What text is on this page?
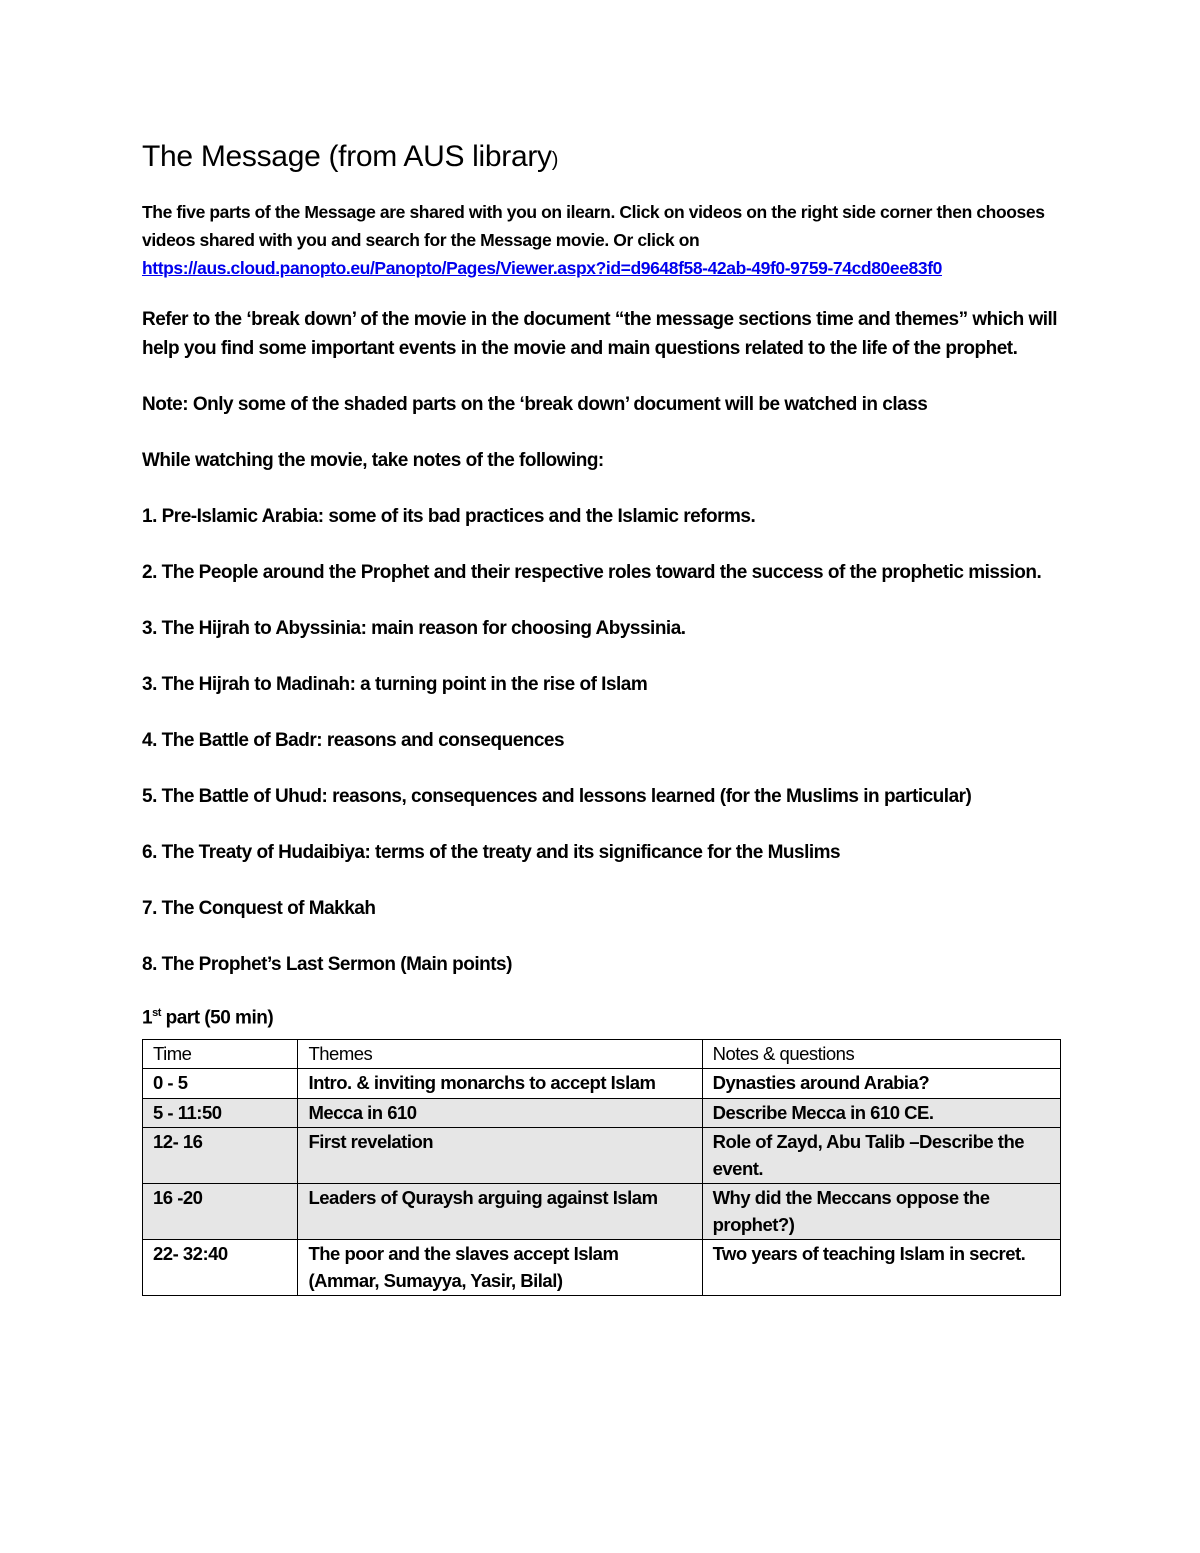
The Message (from AUS library)

The five parts of the Message are shared with you on ilearn. Click on videos on the right side corner then chooses videos shared with you and search for the Message movie. Or click on https://aus.cloud.panopto.eu/Panopto/Pages/Viewer.aspx?id=d9648f58-42ab-49f0-9759-74cd80ee83f0

Refer to the ‘break down’ of the movie in the document “the message sections time and themes” which will help you find some important events in the movie and main questions related to the life of the prophet.

Note: Only some of the shaded parts on the ‘break down’ document will be watched in class

While watching the movie, take notes of the following:

1. Pre-Islamic Arabia: some of its bad practices and the Islamic reforms.

2. The People around the Prophet and their respective roles toward the success of the prophetic mission.

3. The Hijrah to Abyssinia: main reason for choosing Abyssinia.

3. The Hijrah to Madinah: a turning point in the rise of Islam

4. The Battle of Badr: reasons and consequences

5. The Battle of Uhud: reasons, consequences and lessons learned (for the Muslims in particular)

6. The Treaty of Hudaibiya: terms of the treaty and its significance for the Muslims

7. The Conquest of Makkah

8. The Prophet’s Last Sermon (Main points)

1st part (50 min)

Time	Themes	Notes & questions
0 - 5	Intro. & inviting monarchs to accept Islam	Dynasties around Arabia?
5 - 11:50	Mecca in 610	Describe Mecca in 610 CE.
12- 16	First revelation	Role of Zayd, Abu Talib –Describe the event.
16 -20	Leaders of Quraysh arguing against Islam	Why did the Meccans oppose the prophet?)
22- 32:40	The poor and the slaves accept Islam (Ammar, Sumayya, Yasir, Bilal)	Two years of teaching Islam in secret.
